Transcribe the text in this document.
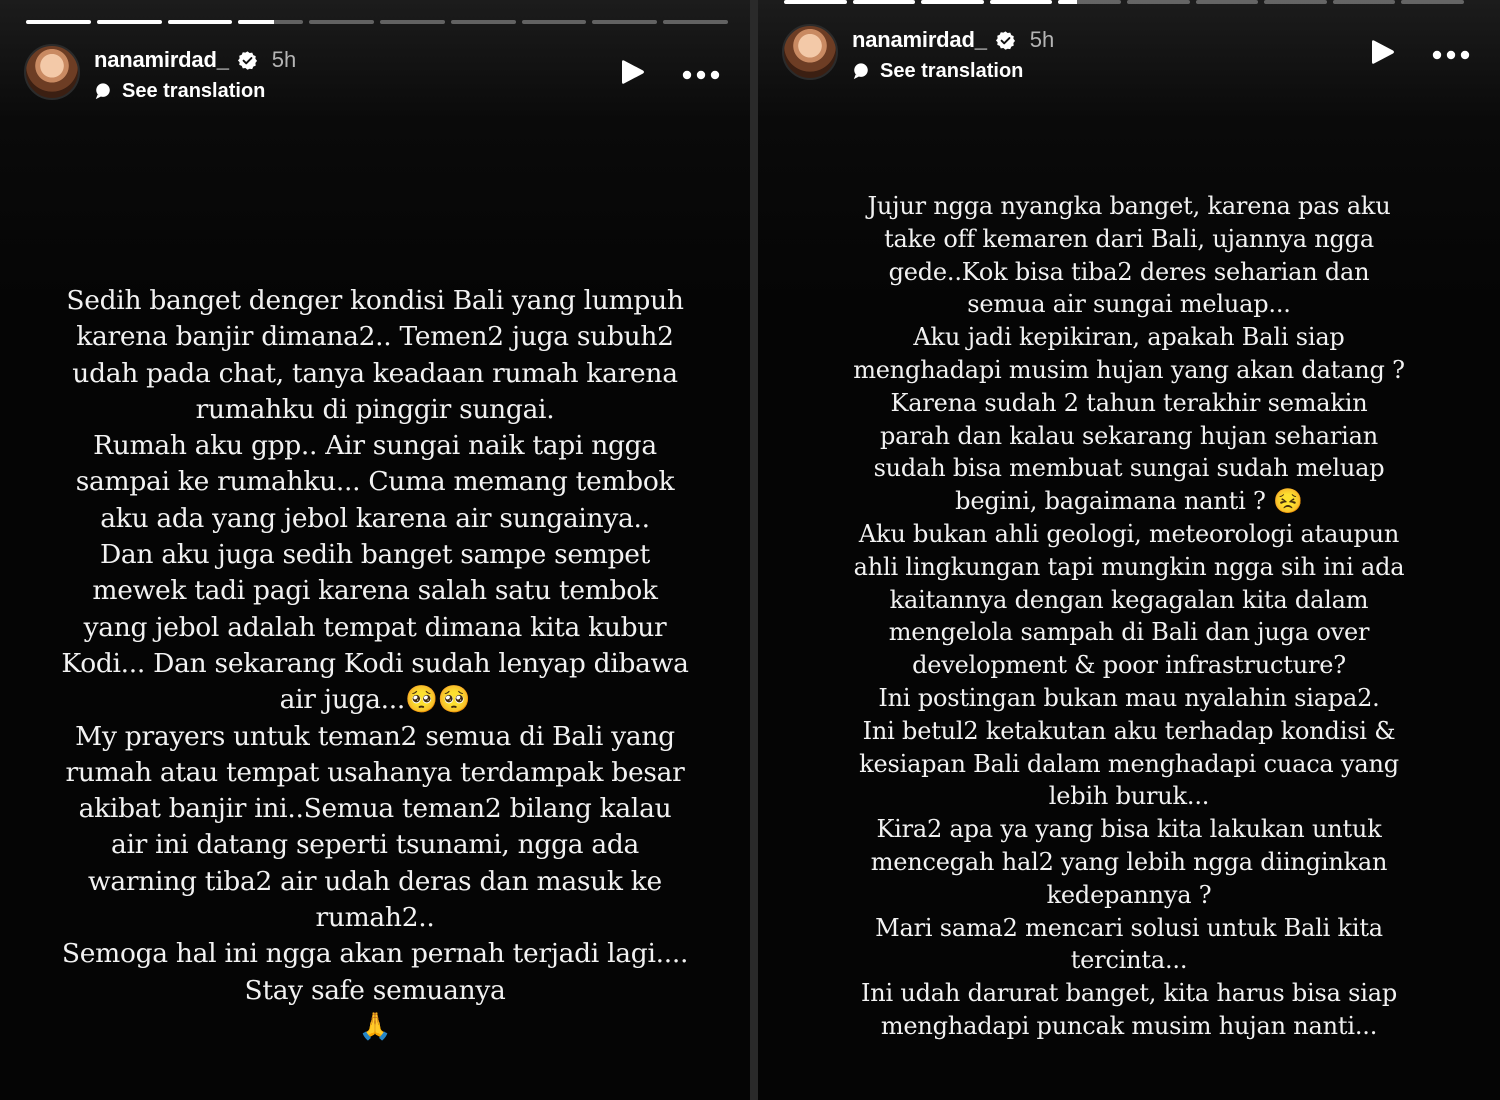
nanamirdad_ 5h
See translation
Sedih banget denger kondisi Bali yang lumpuh
karena banjir dimana2.. Temen2 juga subuh2
udah pada chat, tanya keadaan rumah karena
rumahku di pinggir sungai.
Rumah aku gpp.. Air sungai naik tapi ngga
sampai ke rumahku... Cuma memang tembok
aku ada yang jebol karena air sungainya..
Dan aku juga sedih banget sampe sempet
mewek tadi pagi karena salah satu tembok
yang jebol adalah tempat dimana kita kubur
Kodi... Dan sekarang Kodi sudah lenyap dibawa
air juga...🥺🥺
My prayers untuk teman2 semua di Bali yang
rumah atau tempat usahanya terdampak besar
akibat banjir ini..Semua teman2 bilang kalau
air ini datang seperti tsunami, ngga ada
warning tiba2 air udah deras dan masuk ke
rumah2..
Semoga hal ini ngga akan pernah terjadi lagi....
Stay safe semuanya
🙏
nanamirdad_ 5h
See translation
Jujur ngga nyangka banget, karena pas aku
take off kemaren dari Bali, ujannya ngga
gede..Kok bisa tiba2 deres seharian dan
semua air sungai meluap...
Aku jadi kepikiran, apakah Bali siap
menghadapi musim hujan yang akan datang ?
Karena sudah 2 tahun terakhir semakin
parah dan kalau sekarang hujan seharian
sudah bisa membuat sungai sudah meluap
begini, bagaimana nanti ? 😣
Aku bukan ahli geologi, meteorologi ataupun
ahli lingkungan tapi mungkin ngga sih ini ada
kaitannya dengan kegagalan kita dalam
mengelola sampah di Bali dan juga over
development & poor infrastructure?
Ini postingan bukan mau nyalahin siapa2.
Ini betul2 ketakutan aku terhadap kondisi &
kesiapan Bali dalam menghadapi cuaca yang
lebih buruk...
Kira2 apa ya yang bisa kita lakukan untuk
mencegah hal2 yang lebih ngga diinginkan
kedepannya ?
Mari sama2 mencari solusi untuk Bali kita
tercinta...
Ini udah darurat banget, kita harus bisa siap
menghadapi puncak musim hujan nanti...
